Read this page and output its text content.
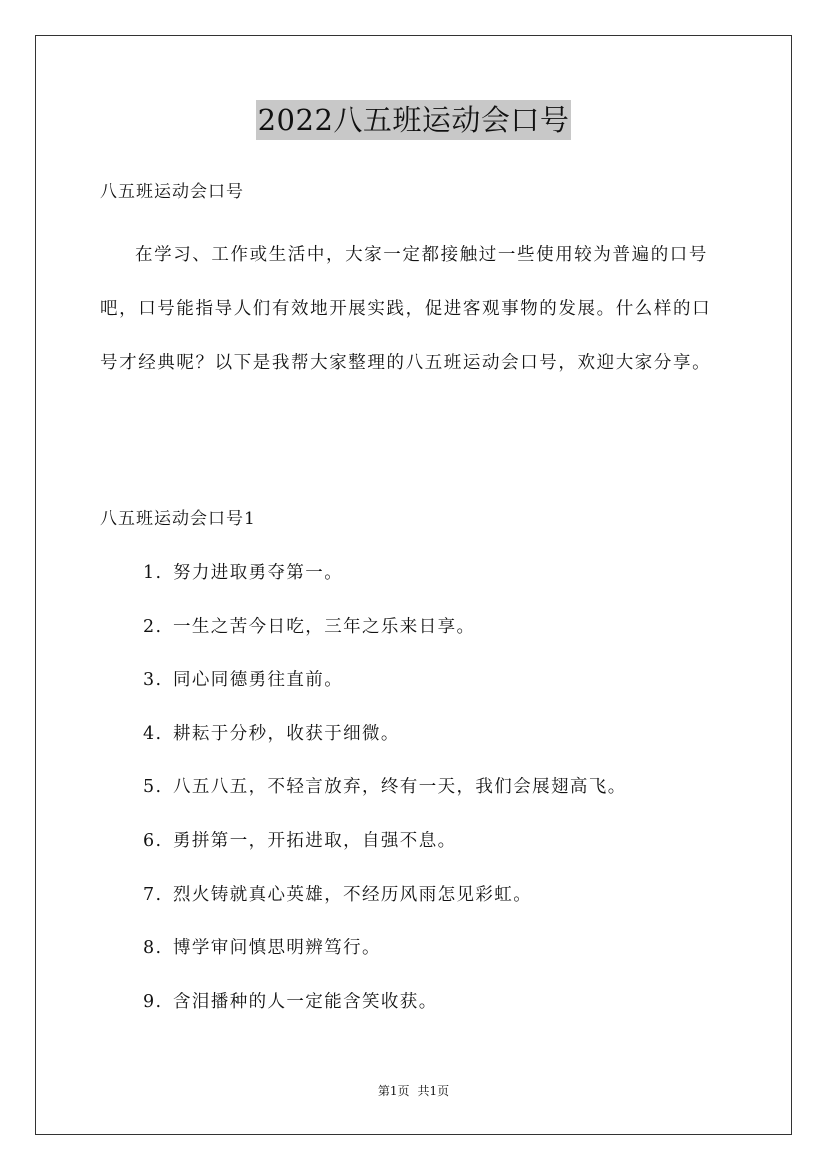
2022八五班运动会口号
八五班运动会口号

在学习、工作或生活中，大家一定都接触过一些使用较为普遍的口号吧，口号能指导人们有效地开展实践，促进客观事物的发展。什么样的口号才经典呢？以下是我帮大家整理的八五班运动会口号，欢迎大家分享。

八五班运动会口号1
1. 努力进取勇夺第一。
2. 一生之苦今日吃，三年之乐来日享。
3. 同心同德勇往直前。
4. 耕耘于分秒，收获于细微。
5. 八五八五，不轻言放弃，终有一天，我们会展翅高飞。
6. 勇拼第一，开拓进取，自强不息。
7. 烈火铸就真心英雄，不经历风雨怎见彩虹。
8. 博学审问慎思明辨笃行。
9. 含泪播种的人一定能含笑收获。
第1页 共1页
